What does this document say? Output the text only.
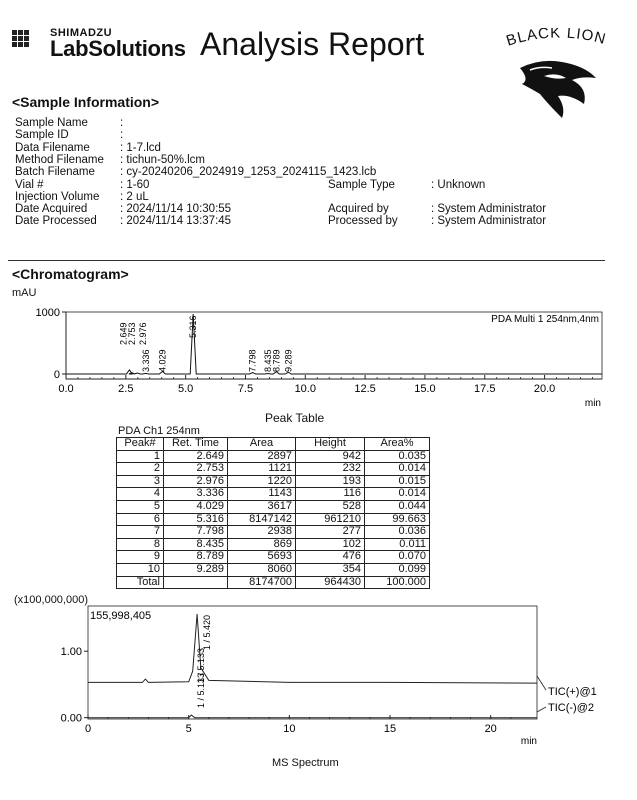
SHIMADZU
LabSolutions Analysis Report	BLACK LION
<Sample Information>
Sample Name	:
Sample ID	:
Data Filename	: 1-7.lcd
Method Filename : tichun-50%.lcm
Batch Filename : cy-20240206_2024919_1253_2024115_1423.lcb
Vial #	: 1-60
Injection Volume : 2 uL
Date Acquired	: 2024/11/14 10:30:55
Date Processed : 2024/11/14 13:37:45
Sample Type	: Unknown
Acquired by	: System Administrator
Processed by	: System Administrator
<Chromatogram>
mAU
0.0	2.5	5.0	7.5	10.0	12.5	15.0	17.5	20.0
0
1000
2.649
2.753 2.976
3.336 4.029
5.316
7.798 8.435
8.789 9.289
PDA Multi 1 254nm,4nm
min
Peak Table
PDA Ch1 254nm
Peak#	Ret. Time	Area	Height	Area%
1	2.649	2897	942	0.035
2	2.753	1121	232	0.014
3	2.976	1220	193	0.015
4	3.336	1143	116	0.014
5	4.029	3617	528	0.044
6	5.316	8147142	961210	99.663
7	7.798	2938	277	0.036
8	8.435	869	102	0.011
9	8.789	5693	476	0.070
10	9.289	8060	354	0.099
Total		8174700	964430	100.000
(x100,000,000)
0	5	10	15	20
0.00
1.00
155,998,405	1 / 5.420
1 / 5.133
1 / 5.133	TIC(+)@1
TIC(-)@2
min
MS Spectrum
